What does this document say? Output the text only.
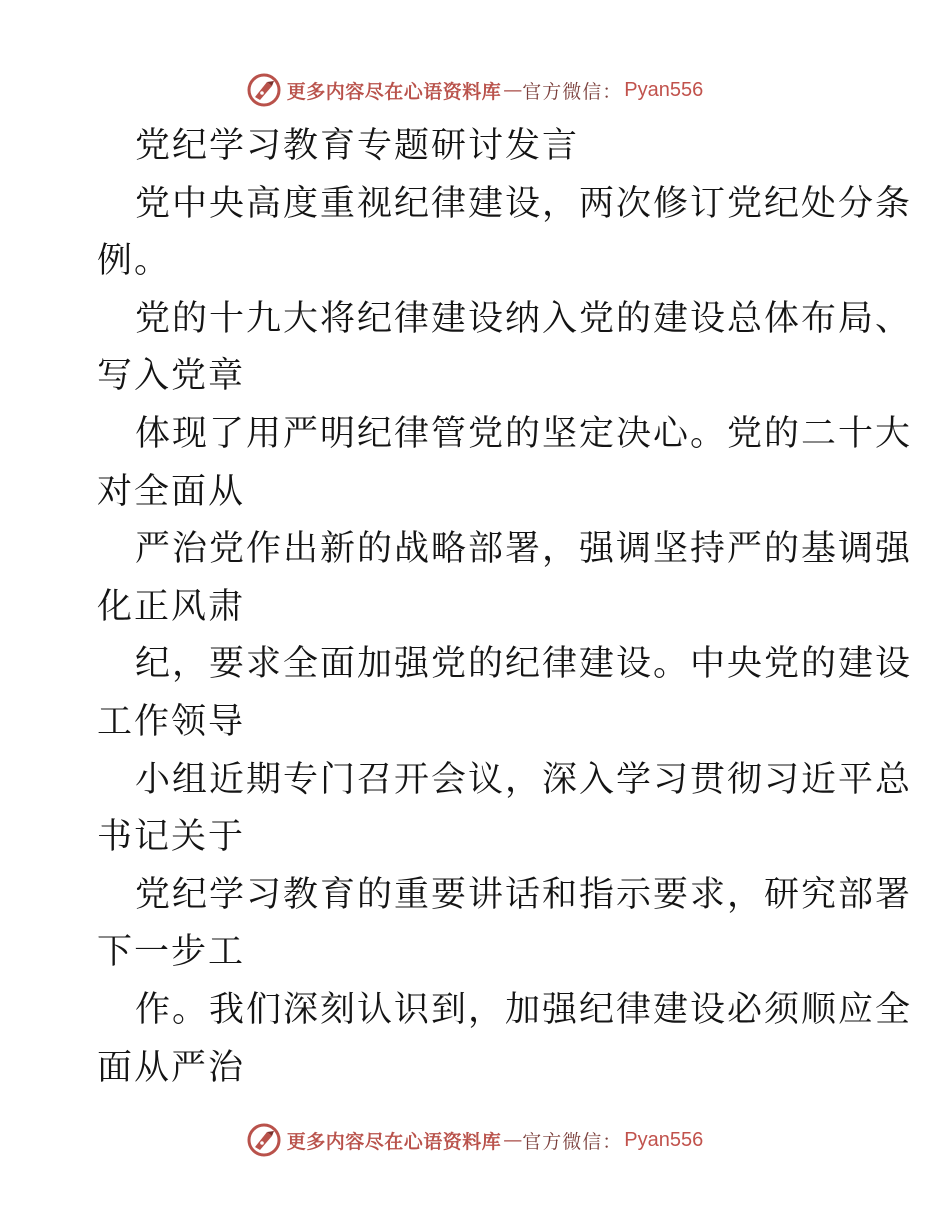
更多内容尽在心语资料库 — 官方微信： Pyan556
党纪学习教育专题研讨发言
党中央高度重视纪律建设，两次修订党纪处分条
例。
党的十九大将纪律建设纳入党的建设总体布局、
写入党章
体现了用严明纪律管党的坚定决心。党的二十大
对全面从
严治党作出新的战略部署，强调坚持严的基调强
化正风肃
纪，要求全面加强党的纪律建设。中央党的建设
工作领导
小组近期专门召开会议，深入学习贯彻习近平总
书记关于
党纪学习教育的重要讲话和指示要求，研究部署
下一步工
作。我们深刻认识到，加强纪律建设必须顺应全
面从严治
更多内容尽在心语资料库 — 官方微信： Pyan556
